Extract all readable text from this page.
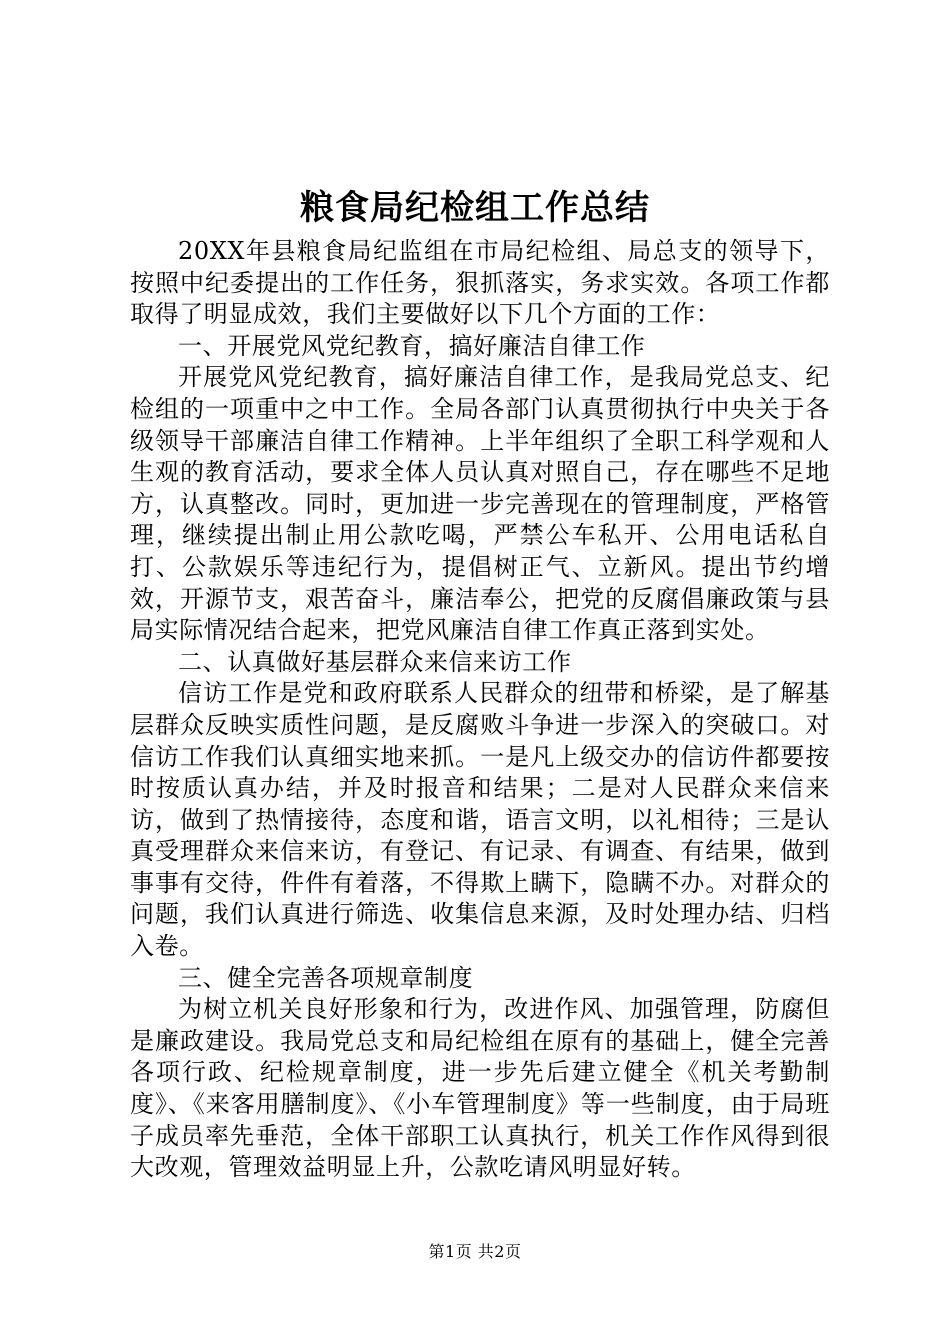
粮食局纪检组工作总结

20XX年县粮食局纪监组在市局纪检组、局总支的领导下，按照中纪委提出的工作任务，狠抓落实，务求实效。各项工作都取得了明显成效，我们主要做好以下几个方面的工作：

一、开展党风党纪教育，搞好廉洁自律工作

开展党风党纪教育，搞好廉洁自律工作，是我局党总支、纪检组的一项重中之中工作。全局各部门认真贯彻执行中央关于各级领导干部廉洁自律工作精神。上半年组织了全职工科学观和人生观的教育活动，要求全体人员认真对照自己，存在哪些不足地方，认真整改。同时，更加进一步完善现在的管理制度，严格管理，继续提出制止用公款吃喝，严禁公车私开、公用电话私自打、公款娱乐等违纪行为，提倡树正气、立新风。提出节约增效，开源节支，艰苦奋斗，廉洁奉公，把党的反腐倡廉政策与县局实际情况结合起来，把党风廉洁自律工作真正落到实处。

二、认真做好基层群众来信来访工作

信访工作是党和政府联系人民群众的纽带和桥梁，是了解基层群众反映实质性问题，是反腐败斗争进一步深入的突破口。对信访工作我们认真细实地来抓。一是凡上级交办的信访件都要按时按质认真办结，并及时报音和结果；二是对人民群众来信来访，做到了热情接待，态度和谐，语言文明，以礼相待；三是认真受理群众来信来访，有登记、有记录、有调查、有结果，做到事事有交待，件件有着落，不得欺上瞒下，隐瞒不办。对群众的问题，我们认真进行筛选、收集信息来源，及时处理办结、归档入卷。

三、健全完善各项规章制度

为树立机关良好形象和行为，改进作风、加强管理，防腐但是廉政建设。我局党总支和局纪检组在原有的基础上，健全完善各项行政、纪检规章制度，进一步先后建立健全《机关考勤制度》、《来客用膳制度》、《小车管理制度》等一些制度，由于局班子成员率先垂范，全体干部职工认真执行，机关工作作风得到很大改观，管理效益明显上升，公款吃请风明显好转。

第1页 共2页
